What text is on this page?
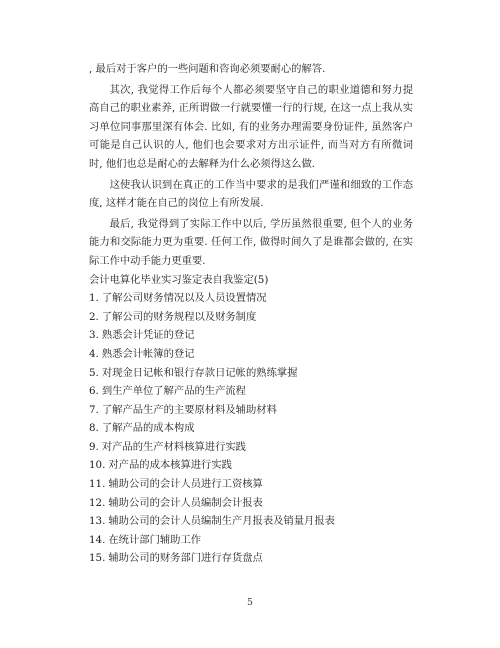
, 最后对于客户的一些问题和咨询必须要耐心的解答.

其次, 我觉得工作后每个人都必须要坚守自己的职业道德和努力提高自己的职业素养, 正所谓做一行就要懂一行的行规, 在这一点上我从实习单位同事那里深有体会. 比如, 有的业务办理需要身份证件, 虽然客户可能是自己认识的人, 他们也会要求对方出示证件, 而当对方有所微词时, 他们也总是耐心的去解释为什么必须得这么做.

这使我认识到在真正的工作当中要求的是我们严谨和细致的工作态度, 这样才能在自己的岗位上有所发展.

最后, 我觉得到了实际工作中以后, 学历虽然很重要, 但个人的业务能力和交际能力更为重要. 任何工作, 做得时间久了是谁都会做的, 在实际工作中动手能力更重要.

会计电算化毕业实习鉴定表自我鉴定(5)

1. 了解公司财务情况以及人员设置情况
2. 了解公司的财务规程以及财务制度
3. 熟悉会计凭证的登记
4. 熟悉会计帐簿的登记
5. 对现金日记帐和银行存款日记帐的熟练掌握
6. 到生产单位了解产品的生产流程
7. 了解产品生产的主要原材料及辅助材料
8. 了解产品的成本构成
9. 对产品的生产材料核算进行实践
10. 对产品的成本核算进行实践
11. 辅助公司的会计人员进行工资核算
12. 辅助公司的会计人员编制会计报表
13. 辅助公司的会计人员编制生产月报表及销量月报表
14. 在统计部门辅助工作
15. 辅助公司的财务部门进行存货盘点
5
